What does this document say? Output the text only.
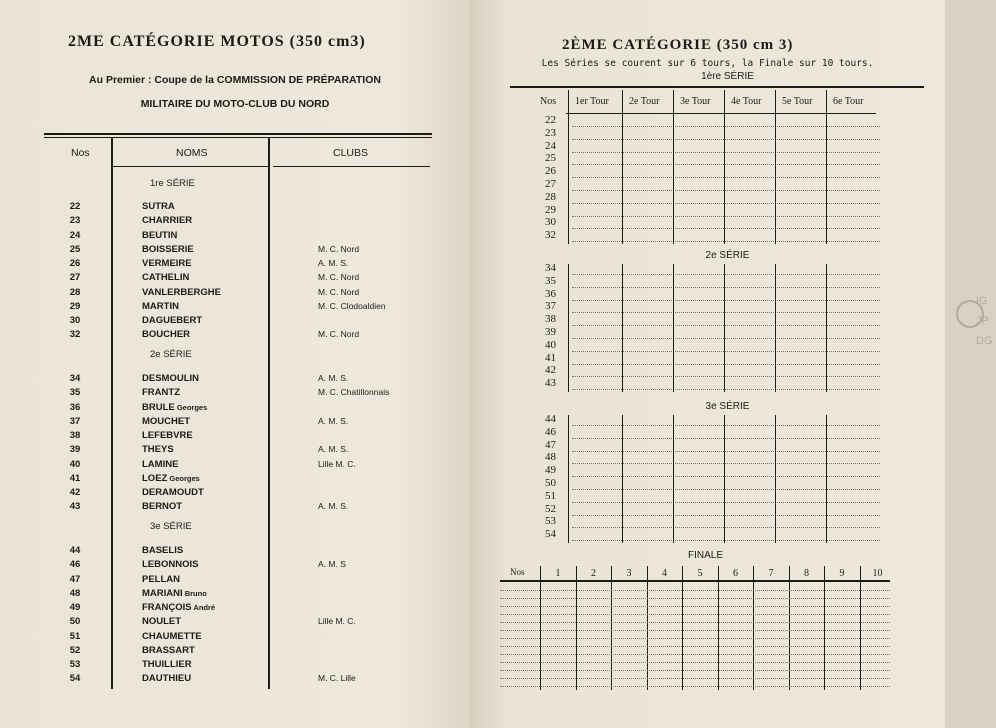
2ME CATÉGORIE MOTOS (350 cm3)
Au Premier : Coupe de la COMMISSION DE PRÉPARATION
MILITAIRE DU MOTO-CLUB DU NORD
Nos	NOMS	CLUBS
1re SÉRIE
22	SUTRA
23	CHARRIER
24	BEUTIN
25	BOISSERIE	M. C. Nord
26	VERMEIRE	A. M. S.
27	CATHELIN	M. C. Nord
28	VANLERBERGHE	M. C. Nord
29	MARTIN	M. C. Clodoaldien
30	DAGUEBERT
32	BOUCHER	M. C. Nord
2e SÉRIE
34	DESMOULIN	A. M. S.
35	FRANTZ	M. C. Chatillonnais
36	BRULE Georges
37	MOUCHET	A. M. S.
38	LEFEBVRE
39	THEYS	A. M. S.
40	LAMINE	Lille M. C.
41	LOEZ Georges
42	DERAMOUDT
43	BERNOT	A. M. S.
3e SÉRIE
44	BASELIS
46	LEBONNOIS	A. M. S
47	PELLAN
48	MARIANI Bruno
49	FRANÇOIS André
50	NOULET	Lille M. C.
51	CHAUMETTE
52	BRASSART
53	THUILLIER
54	DAUTHIEU	M. C. Lille
2ÈME CATÉGORIE (350 cm 3)
Les Séries se courent sur 6 tours, la Finale sur 10 tours.
1ère SÉRIE
Nos 1er Tour 2e Tour 3e Tour 4e Tour 5e Tour 6e Tour
2e SÉRIE
3e SÉRIE
22
23
24
25
26
27
28
29
30
32
34
35
36
37
38
39
40
41
42
43
44
46
47
48
49
50
51
52
53
54
FINALE
Nos	1	2	3	4	5	6	7	8	9	10
IG
JP
DG
